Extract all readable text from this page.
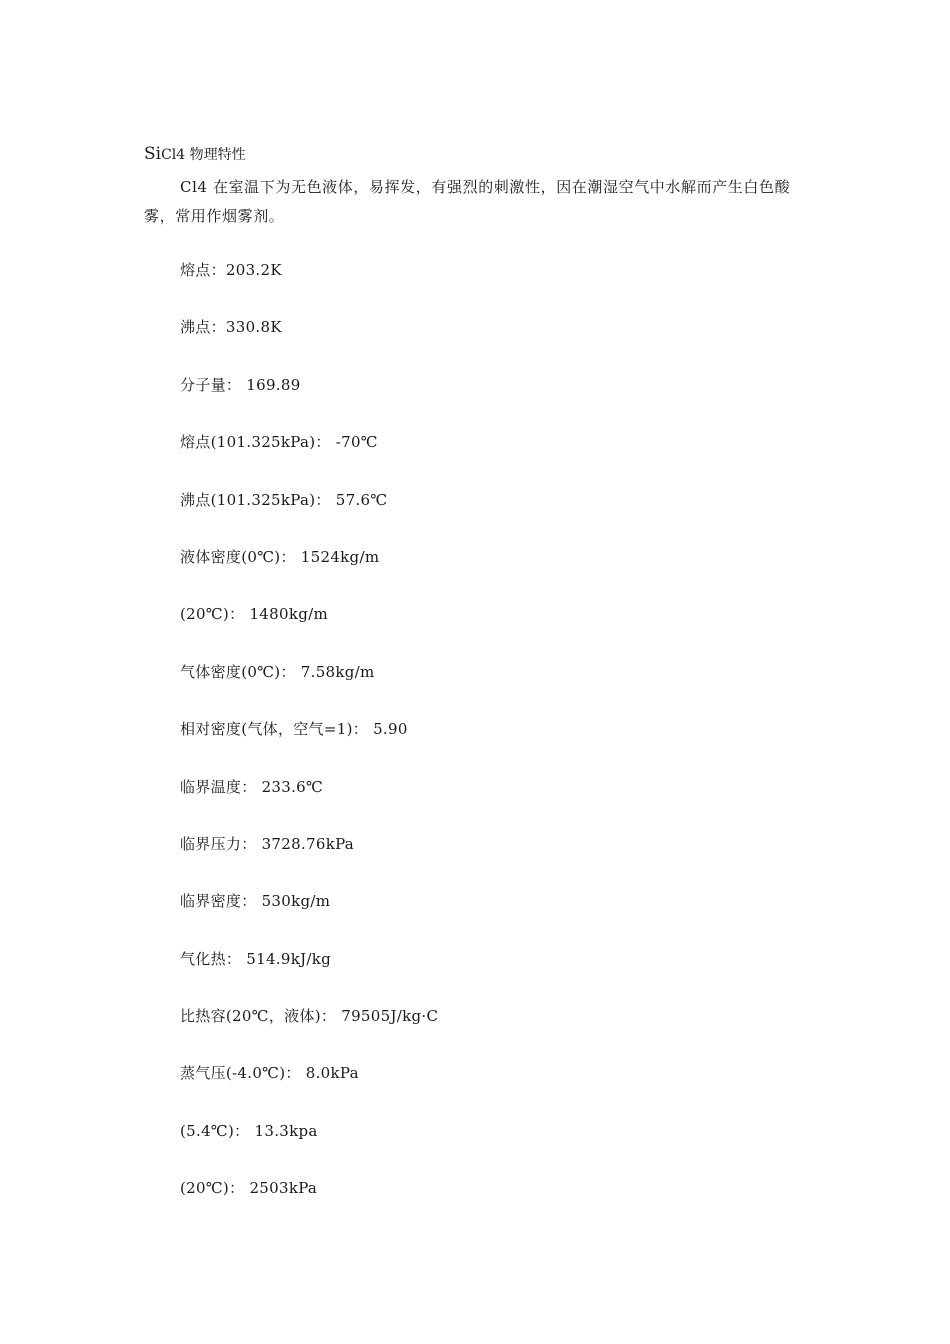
SiCl4 物理特性

Cl4 在室温下为无色液体，易挥发，有强烈的刺激性，因在潮湿空气中水解而产生白色酸雾，常用作烟雾剂。

熔点：203.2K
沸点：330.8K
分子量： 169.89
熔点(101.325kPa)： -70℃
沸点(101.325kPa)： 57.6℃
液体密度(0℃)： 1524kg/m
(20℃)： 1480kg/m
气体密度(0℃)： 7.58kg/m
相对密度(气体，空气=1)： 5.90
临界温度： 233.6℃
临界压力： 3728.76kPa
临界密度： 530kg/m
气化热： 514.9kJ/kg
比热容(20℃，液体)： 79505J/kg·C
蒸气压(-4.0℃)： 8.0kPa
(5.4℃)： 13.3kpa
(20℃)： 2503kPa
